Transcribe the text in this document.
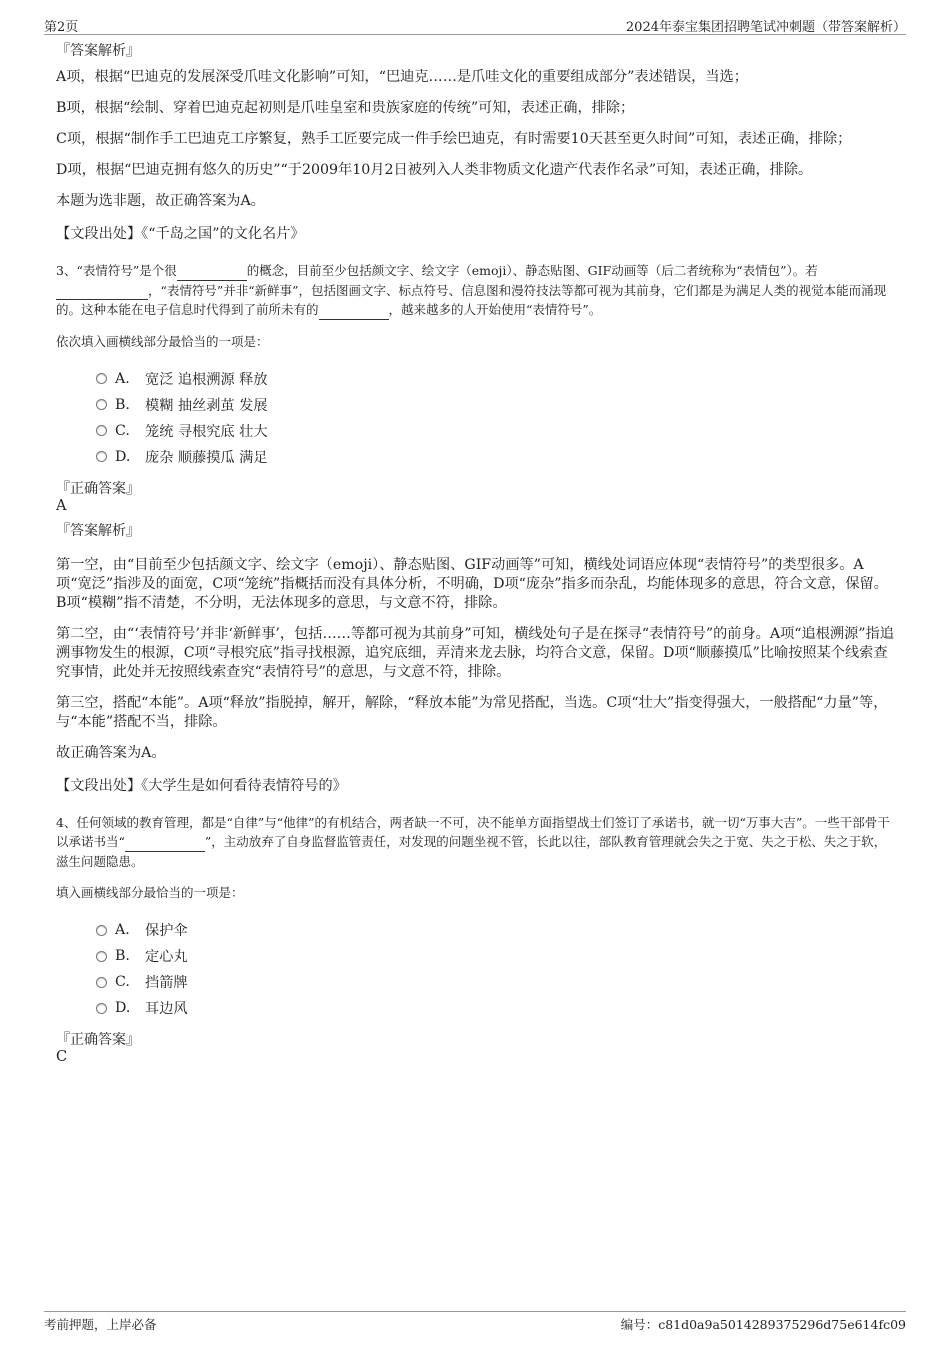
第2页	2024年泰宝集团招聘笔试冲刺题（带答案解析）
『答案解析』
A项，根据“巴迪克的发展深受爪哇文化影响”可知，“巴迪克……是爪哇文化的重要组成部分”表述错误，当选；
B项，根据“绘制、穿着巴迪克起初则是爪哇皇室和贵族家庭的传统”可知，表述正确，排除；
C项，根据“制作手工巴迪克工序繁复，熟手工匠要完成一件手绘巴迪克，有时需要10天甚至更久时间”可知，表述正确，排除；
D项，根据“巴迪克拥有悠久的历史”“于2009年10月2日被列入人类非物质文化遗产代表作名录”可知，表述正确，排除。
本题为选非题，故正确答案为A。
【文段出处】《“千岛之国”的文化名片》
3、“表情符号”是个很	的概念，目前至少包括颜文字、绘文字（emoji）、静态贴图、GIF动画等（后二者统称为“表情包”）。若，“表情符号”并非“新鲜事”，包括图画文字、标点符号、信息图和漫符技法等都可视为其前身，它们都是为满足人类的视觉本能而涌现的。这种本能在电子信息时代得到了前所未有的	，越来越多的人开始使用“表情符号”。
依次填入画横线部分最恰当的一项是：
A.	宽泛 追根溯源 释放
B.	模糊 抽丝剥茧 发展
C.	笼统 寻根究底 壮大
D.	庞杂 顺藤摸瓜 满足
『正确答案』
A
『答案解析』
第一空，由“目前至少包括颜文字、绘文字（emoji）、静态贴图、GIF动画等”可知，横线处词语应体现“表情符号”的类型很多。A项“宽泛”指涉及的面宽，C项“笼统”指概括而没有具体分析，不明确，D项“庞杂”指多而杂乱，均能体现多的意思，符合文意，保留。B项“模糊”指不清楚，不分明，无法体现多的意思，与文意不符，排除。
第二空，由“‘表情符号’并非‘新鲜事’，包括……等都可视为其前身”可知，横线处句子是在探寻“表情符号”的前身。A项“追根溯源”指追溯事物发生的根源，C项“寻根究底”指寻找根源，追究底细，弄清来龙去脉，均符合文意，保留。D项“顺藤摸瓜”比喻按照某个线索查究事情，此处并无按照线索查究“表情符号”的意思，与文意不符，排除。
第三空，搭配“本能”。A项“释放”指脱掉，解开，解除，“释放本能”为常见搭配，当选。C项“壮大”指变得强大，一般搭配“力量”等，与“本能”搭配不当，排除。
故正确答案为A。
【文段出处】《大学生是如何看待表情符号的》
4、任何领域的教育管理，都是“自律”与“他律”的有机结合，两者缺一不可，决不能单方面指望战士们签订了承诺书，就一切“万事大吉”。一些干部骨干以承诺书当“	”，主动放弃了自身监督监管责任，对发现的问题坐视不管，长此以往，部队教育管理就会失之于宽、失之于松、失之于软，滋生问题隐患。
填入画横线部分最恰当的一项是：
A.	保护伞
B.	定心丸
C.	挡箭牌
D.	耳边风
『正确答案』
C
考前押题，上岸必备	编号：c81d0a9a5014289375296d75e614fc09
